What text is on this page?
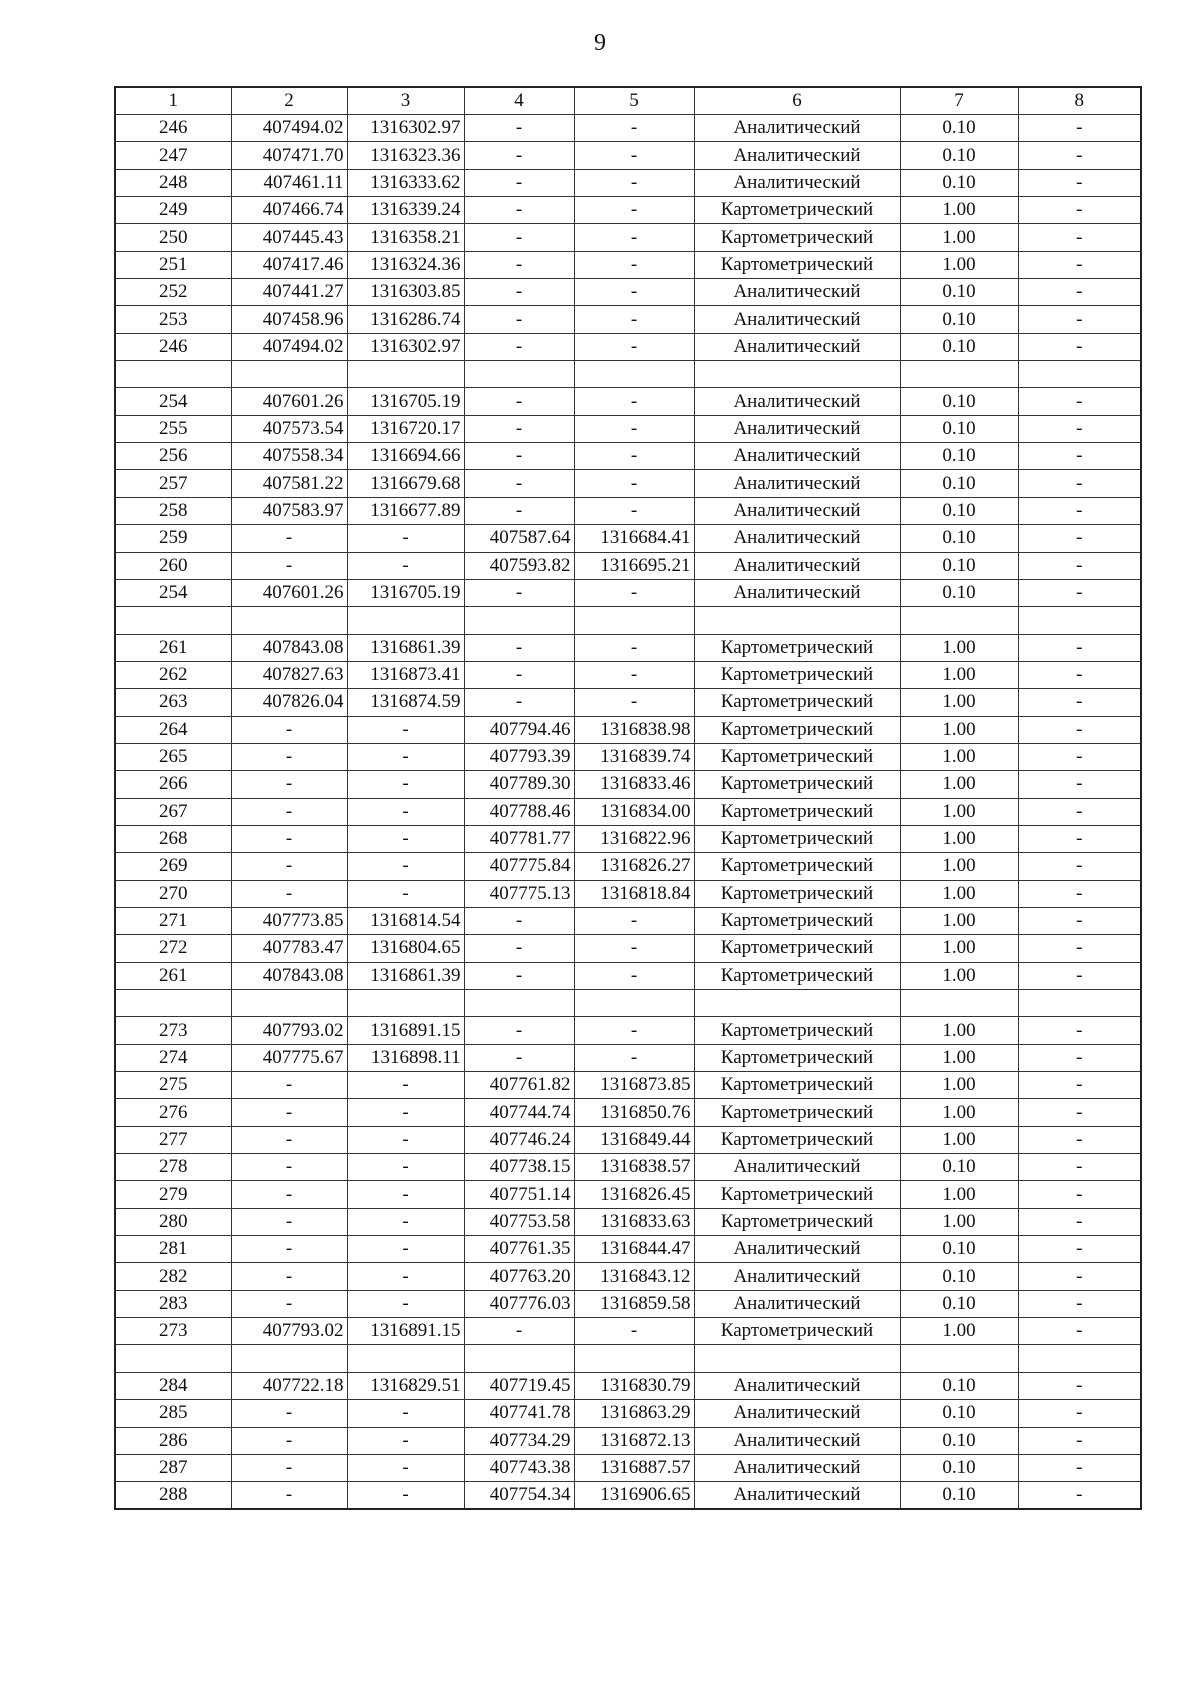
9
1	2	3	4	5	6	7	8
246	407494.02	1316302.97	-	-	Аналитический	0.10	-
247	407471.70	1316323.36	-	-	Аналитический	0.10	-
248	407461.11	1316333.62	-	-	Аналитический	0.10	-
249	407466.74	1316339.24	-	-	Картометрический	1.00	-
250	407445.43	1316358.21	-	-	Картометрический	1.00	-
251	407417.46	1316324.36	-	-	Картометрический	1.00	-
252	407441.27	1316303.85	-	-	Аналитический	0.10	-
253	407458.96	1316286.74	-	-	Аналитический	0.10	-
246	407494.02	1316302.97	-	-	Аналитический	0.10	-

254	407601.26	1316705.19	-	-	Аналитический	0.10	-
255	407573.54	1316720.17	-	-	Аналитический	0.10	-
256	407558.34	1316694.66	-	-	Аналитический	0.10	-
257	407581.22	1316679.68	-	-	Аналитический	0.10	-
258	407583.97	1316677.89	-	-	Аналитический	0.10	-
259	-	-	407587.64	1316684.41	Аналитический	0.10	-
260	-	-	407593.82	1316695.21	Аналитический	0.10	-
254	407601.26	1316705.19	-	-	Аналитический	0.10	-

261	407843.08	1316861.39	-	-	Картометрический	1.00	-
262	407827.63	1316873.41	-	-	Картометрический	1.00	-
263	407826.04	1316874.59	-	-	Картометрический	1.00	-
264	-	-	407794.46	1316838.98	Картометрический	1.00	-
265	-	-	407793.39	1316839.74	Картометрический	1.00	-
266	-	-	407789.30	1316833.46	Картометрический	1.00	-
267	-	-	407788.46	1316834.00	Картометрический	1.00	-
268	-	-	407781.77	1316822.96	Картометрический	1.00	-
269	-	-	407775.84	1316826.27	Картометрический	1.00	-
270	-	-	407775.13	1316818.84	Картометрический	1.00	-
271	407773.85	1316814.54	-	-	Картометрический	1.00	-
272	407783.47	1316804.65	-	-	Картометрический	1.00	-
261	407843.08	1316861.39	-	-	Картометрический	1.00	-

273	407793.02	1316891.15	-	-	Картометрический	1.00	-
274	407775.67	1316898.11	-	-	Картометрический	1.00	-
275	-	-	407761.82	1316873.85	Картометрический	1.00	-
276	-	-	407744.74	1316850.76	Картометрический	1.00	-
277	-	-	407746.24	1316849.44	Картометрический	1.00	-
278	-	-	407738.15	1316838.57	Аналитический	0.10	-
279	-	-	407751.14	1316826.45	Картометрический	1.00	-
280	-	-	407753.58	1316833.63	Картометрический	1.00	-
281	-	-	407761.35	1316844.47	Аналитический	0.10	-
282	-	-	407763.20	1316843.12	Аналитический	0.10	-
283	-	-	407776.03	1316859.58	Аналитический	0.10	-
273	407793.02	1316891.15	-	-	Картометрический	1.00	-

284	407722.18	1316829.51	407719.45	1316830.79	Аналитический	0.10	-
285	-	-	407741.78	1316863.29	Аналитический	0.10	-
286	-	-	407734.29	1316872.13	Аналитический	0.10	-
287	-	-	407743.38	1316887.57	Аналитический	0.10	-
288	-	-	407754.34	1316906.65	Аналитический	0.10	-
